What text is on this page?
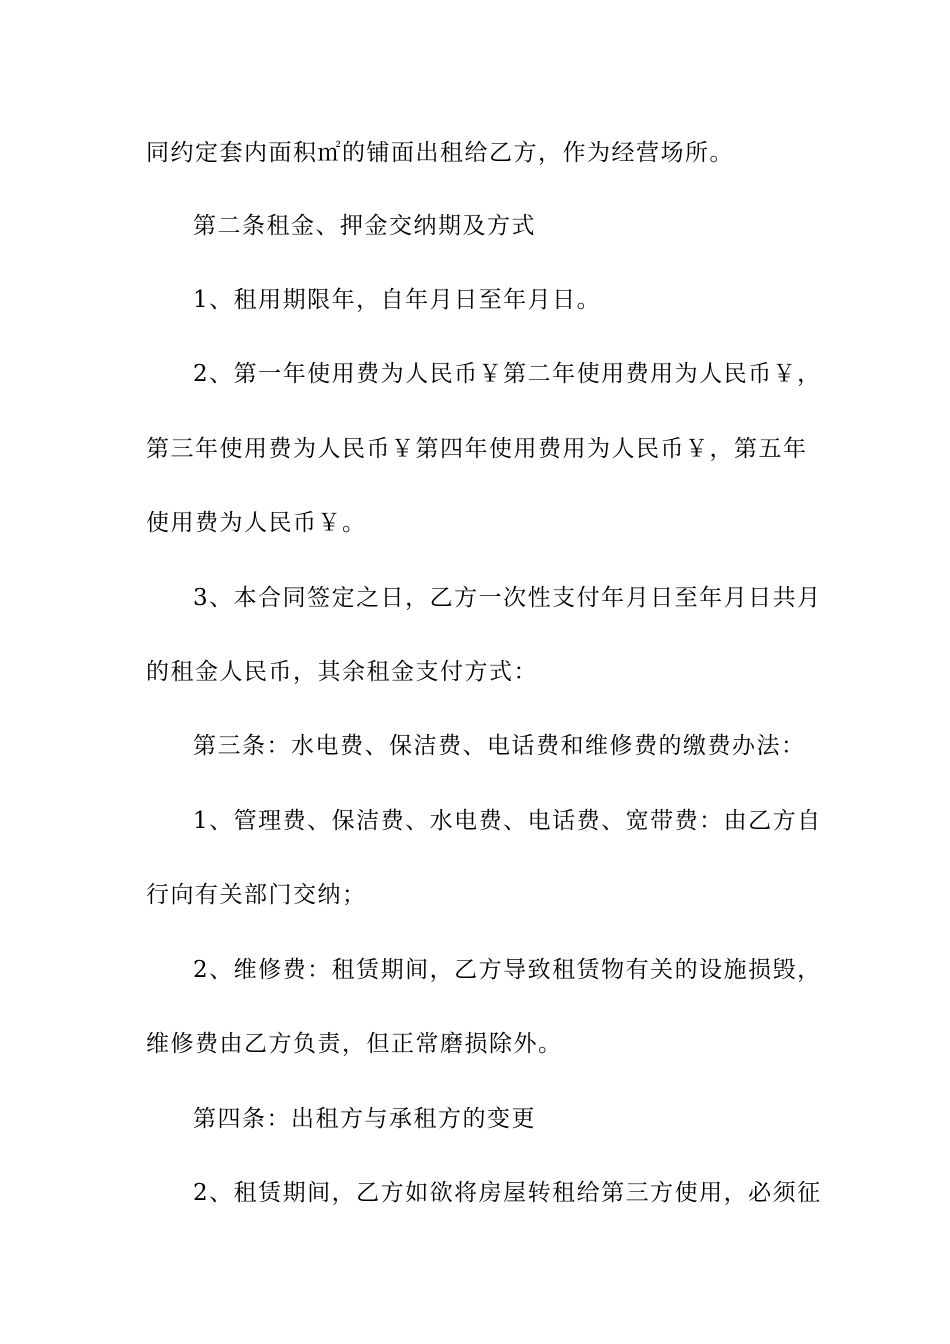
同约定套内面积㎡的铺面出租给乙方，作为经营场所。
第二条租金、押金交纳期及方式
1、租用期限年，自年月日至年月日。
2、第一年使用费为人民币￥第二年使用费用为人民币￥，
第三年使用费为人民币￥第四年使用费用为人民币￥，第五年
使用费为人民币￥。
3、本合同签定之日，乙方一次性支付年月日至年月日共月
的租金人民币，其余租金支付方式：
第三条：水电费、保洁费、电话费和维修费的缴费办法：
1、管理费、保洁费、水电费、电话费、宽带费：由乙方自
行向有关部门交纳；
2、维修费：租赁期间，乙方导致租赁物有关的设施损毁，
维修费由乙方负责，但正常磨损除外。
第四条：出租方与承租方的变更
2、租赁期间，乙方如欲将房屋转租给第三方使用，必须征
